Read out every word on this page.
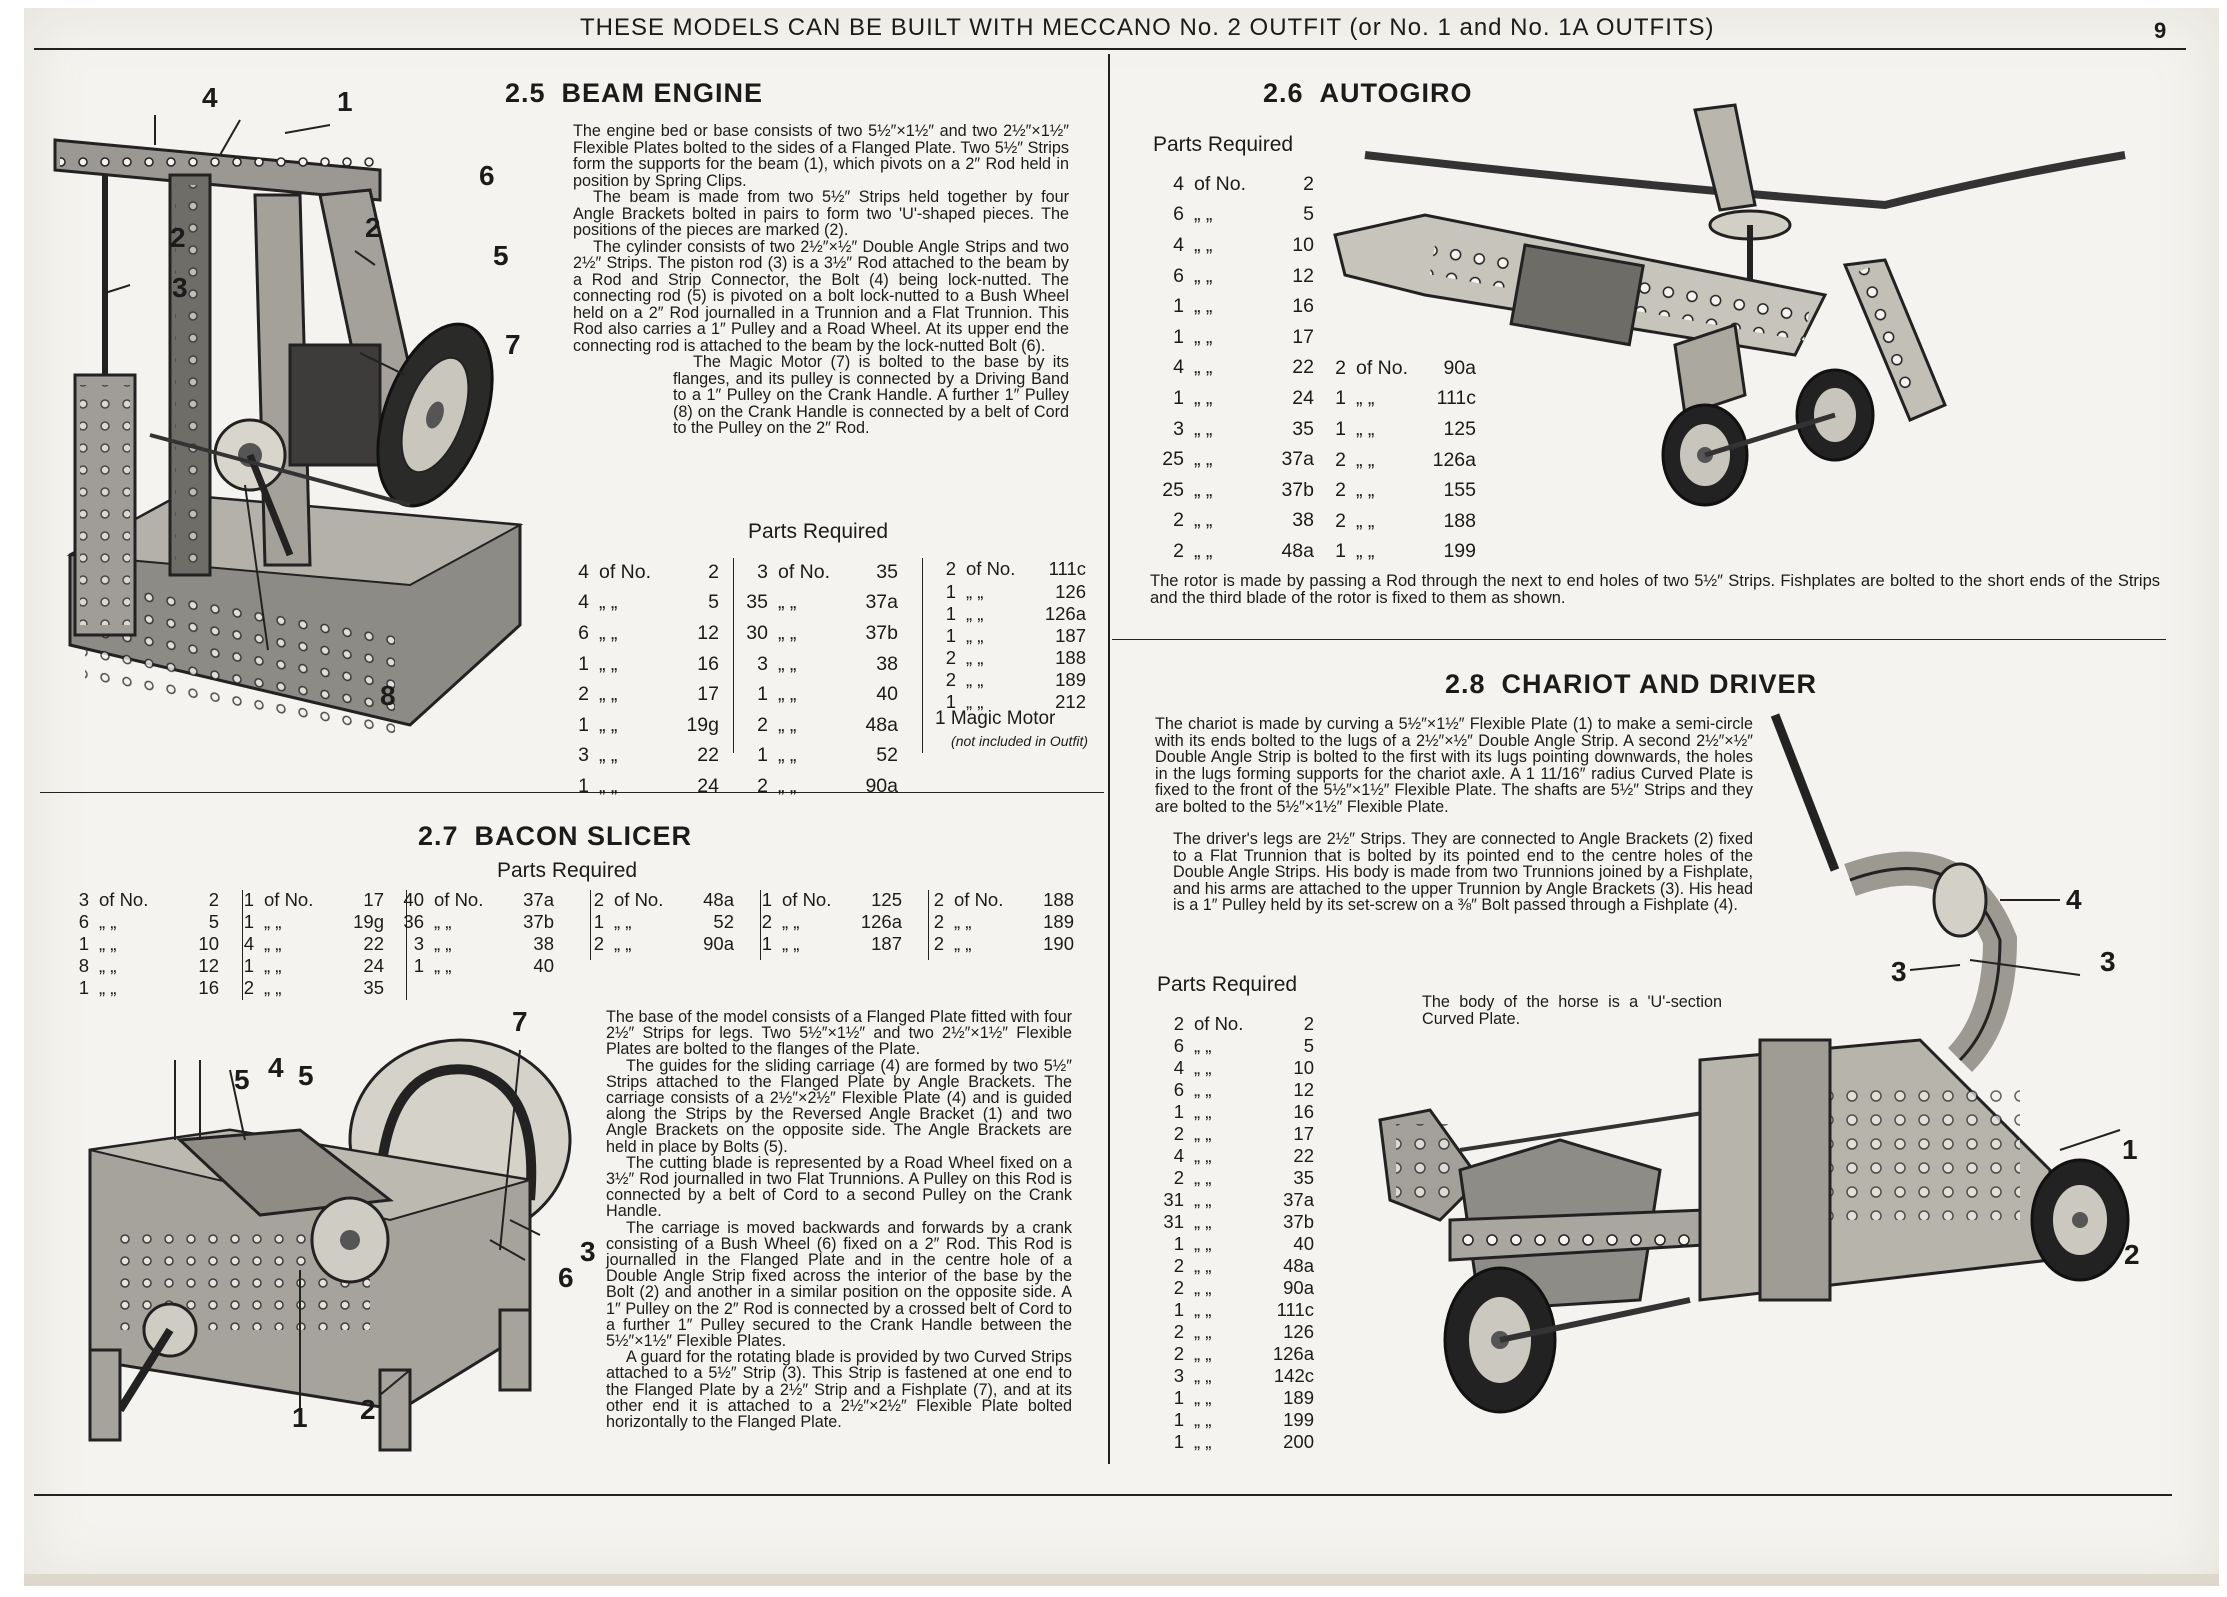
THESE MODELS CAN BE BUILT WITH MECCANO No. 2 OUTFIT (or No. 1 and No. 1A OUTFITS)	9
2.5 BEAM ENGINE

The engine bed or base consists of two 5½″×1½″ and two 2½″×1½″ Flexible Plates bolted to the sides of a Flanged Plate. Two 5½″ Strips form the supports for the beam (1), which pivots on a 2″ Rod held in position by Spring Clips.

The beam is made from two 5½″ Strips held together by four Angle Brackets bolted in pairs to form two 'U'-shaped pieces. The positions of the pieces are marked (2).

The cylinder consists of two 2½″×½″ Double Angle Strips and two 2½″ Strips. The piston rod (3) is a 3½″ Rod attached to the beam by a Rod and Strip Connector, the Bolt (4) being lock-nutted. The connecting rod (5) is pivoted on a bolt lock-nutted to a Bush Wheel held on a 2″ Rod journalled in a Trunnion and a Flat Trunnion. This Rod also carries a 1″ Pulley and a Road Wheel. At its upper end the connecting rod is attached to the beam by the lock-nutted Bolt (6).

The Magic Motor (7) is bolted to the base by its flanges, and its pulley is connected by a Driving Band to a 1″ Pulley on the Crank Handle. A further 1″ Pulley (8) on the Crank Handle is connected by a belt of Cord to the Pulley on the 2″ Rod.

4	1
6
2	2
5
3
7
8
Parts Required
4 of No.	2
4 „ „	5
6 „ „	12
1 „ „	16
2 „ „	17
1 „ „	19g
3 „ „	22
1 „ „	24
3 of No.	35
35 „ „	37a
30 „ „	37b
3 „ „	38
1 „ „	40
2 „ „	48a
1 „ „	52
2 „ „	90a
2 of No.	111c
1 „ „	126
1 „ „	126a
1 „ „	187
2 „ „	188
2 „ „	189
1 „ „	212
1 Magic Motor
(not included in Outfit)
2.6 AUTOGIRO
Parts Required
4 of No.	2
6 „ „	5
4 „ „	10
6 „ „	12
1 „ „	16
1 „ „	17
4 „ „	22
1 „ „	24
3 „ „	35
25 „ „	37a
25 „ „	37b
2 „ „	38
2 „ „	48a
2 of No.	90a
1 „ „	111c
1 „ „	125
2 „ „	126a
2 „ „	155
2 „ „	188
1 „ „	199

The rotor is made by passing a Rod through the next to end holes of two 5½″ Strips. Fishplates are bolted to the short ends of the Strips and the third blade of the rotor is fixed to them as shown.

2.7 BACON SLICER
Parts Required
3 of No.	2
6 „ „	5
1 „ „	10
8 „ „	12
1 „ „	16
1 of No.	17
1 „ „	19g
4 „ „	22
1 „ „	24
2 „ „	35
40 of No.	37a
36 „ „	37b
3 „ „	38
1 „ „	40
2 of No.	48a
1 „ „	52
2 „ „	90a
1 of No.	125
2 „ „	126a
1 „ „	187
2 of No.	188
2 „ „	189
2 „ „	190

The base of the model consists of a Flanged Plate fitted with four 2½″ Strips for legs. Two 5½″×1½″ and two 2½″×1½″ Flexible Plates are bolted to the flanges of the Plate.

The guides for the sliding carriage (4) are formed by two 5½″ Strips attached to the Flanged Plate by Angle Brackets. The carriage consists of a 2½″×2½″ Flexible Plate (4) and is guided along the Strips by the Reversed Angle Bracket (1) and two Angle Brackets on the opposite side. The Angle Brackets are held in place by Bolts (5).

The cutting blade is represented by a Road Wheel fixed on a 3½″ Rod journalled in two Flat Trunnions. A Pulley on this Rod is connected by a belt of Cord to a second Pulley on the Crank Handle.

The carriage is moved backwards and forwards by a crank consisting of a Bush Wheel (6) fixed on a 2″ Rod. This Rod is journalled in the Flanged Plate and in the centre hole of a Double Angle Strip fixed across the interior of the base by the Bolt (2) and another in a similar position on the opposite side. A 1″ Pulley on the 2″ Rod is connected by a crossed belt of Cord to a further 1″ Pulley secured to the Crank Handle between the 5½″×1½″ Flexible Plates.

A guard for the rotating blade is provided by two Curved Strips attached to a 5½″ Strip (3). This Strip is fastened at one end to the Flanged Plate by a 2½″ Strip and a Fishplate (7), and at its other end it is attached to a 2½″×2½″ Flexible Plate bolted horizontally to the Flanged Plate.

5 4 5
7
3
6
1 2
2.8 CHARIOT AND DRIVER

The chariot is made by curving a 5½″×1½″ Flexible Plate (1) to make a semi-circle with its ends bolted to the lugs of a 2½″×½″ Double Angle Strip. A second 2½″×½″ Double Angle Strip is bolted to the first with its lugs pointing downwards, the holes in the lugs forming supports for the chariot axle. A 1 11/16″ radius Curved Plate is fixed to the front of the 5½″×1½″ Flexible Plate. The shafts are 5½″ Strips and they are bolted to the 5½″×1½″ Flexible Plate.

The driver's legs are 2½″ Strips. They are connected to Angle Brackets (2) fixed to a Flat Trunnion that is bolted by its pointed end to the centre holes of the Double Angle Strips. His body is made from two Trunnions joined by a Fishplate, and his arms are attached to the upper Trunnion by Angle Brackets (3). His head is a 1″ Pulley held by its set-screw on a ⅜″ Bolt passed through a Fishplate (4).

The body of the horse is a 'U'-section Curved Plate.

Parts Required
2 of No.	2
6 „ „	5
4 „ „	10
6 „ „	12
1 „ „	16
2 „ „	17
4 „ „	22
2 „ „	35
31 „ „	37a
31 „ „	37b
1 „ „	40
2 „ „	48a
2 „ „	90a
1 „ „	111c
2 „ „	126
2 „ „	126a
3 „ „	142c
1 „ „	189
1 „ „	199
1 „ „	200
4
3	3
1
2
